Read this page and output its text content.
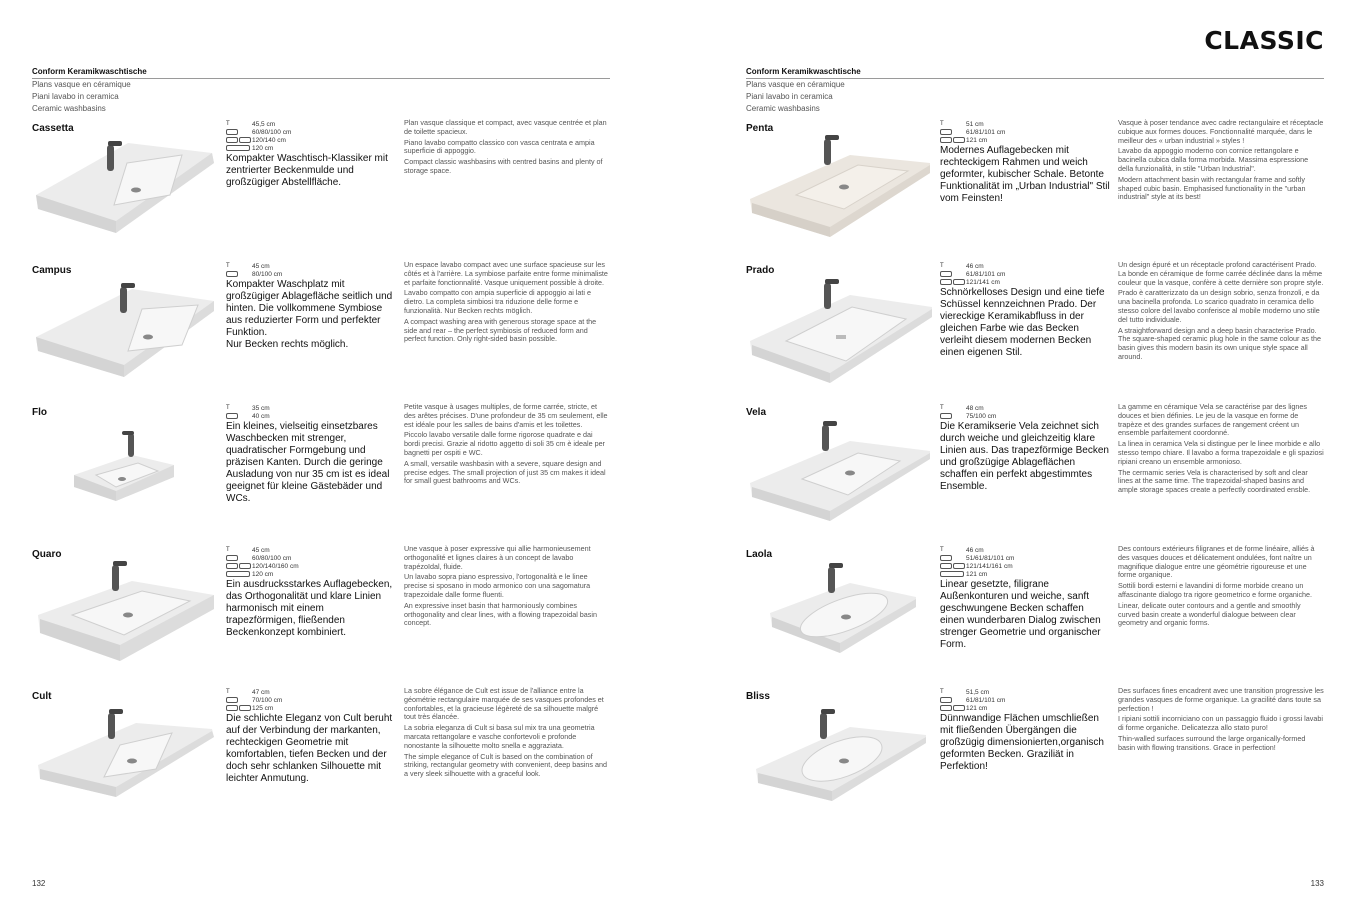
CLASSIC
Conform Keramikwaschtische
Plans vasque en céramique
Piani lavabo in ceramica
Ceramic washbasins
Cassetta	T	45,5 cm
60/80/100 cm
120/140 cm
120 cm
Kompakter Waschtisch-Klassiker mit zentrierter Beckenmulde und großzügiger Abstellfläche.

Plan vasque classique et compact, avec vasque centrée et plan de toilette spacieux.

Piano lavabo compatto classico con vasca centrata e ampia superficie di appoggio.

Compact classic washbasins with centred basins and plenty of storage space.

Campus	T	45 cm
80/100 cm
Kompakter Waschplatz mit großzügiger Ablagefläche seitlich und hinten. Die vollkommene Symbiose aus reduzierter Form und perfekter Funktion.
Nur Becken rechts möglich.

Un espace lavabo compact avec une surface spacieuse sur les côtés et à l'arrière. La symbiose parfaite entre forme minimaliste et parfaite fonctionnalité. Vasque uniquement possible à droite.

Lavabo compatto con ampia superficie di appoggio ai lati e dietro. La completa simbiosi tra riduzione delle forme e funzionalità. Nur Becken rechts möglich.

A compact washing area with generous storage space at the side and rear – the perfect symbiosis of reduced form and perfect function. Only right-sided basin possible.

Flo	T	35 cm
40 cm
Ein kleines, vielseitig einsetzbares Waschbecken mit strenger, quadratischer Formgebung und präzisen Kanten. Durch die geringe Ausladung von nur 35 cm ist es ideal geeignet für kleine Gästebäder und WCs.

Petite vasque à usages multiples, de forme carrée, stricte, et des arêtes précises. D'une profondeur de 35 cm seulement, elle est idéale pour les salles de bains d'amis et les toilettes.

Piccolo lavabo versatile dalle forme rigorose quadrate e dai bordi precisi. Grazie al ridotto aggetto di soli 35 cm è ideale per bagnetti per ospiti e WC.

A small, versatile washbasin with a severe, square design and precise edges. The small projection of just 35 cm makes it ideal for small guest bathrooms and WCs.

Quaro	T	45 cm
60/80/100 cm
120/140/160 cm
120 cm
Ein ausdrucksstarkes Auflagebecken, das Orthogonalität und klare Linien harmonisch mit einem trapezförmigen, fließenden Beckenkonzept kombiniert.

Une vasque à poser expressive qui allie harmonieusement orthogonalité et lignes claires à un concept de lavabo trapézoïdal, fluide.

Un lavabo sopra piano espressivo, l'ortogonalità e le linee precise si sposano in modo armonico con una sagomatura trapezoidale dalle forme fluenti.

An expressive inset basin that harmoniously combines orthogonality and clear lines, with a flowing trapezoidal basin concept.

Cult	T	47 cm
70/100 cm
125 cm
Die schlichte Eleganz von Cult beruht auf der Verbindung der markanten, rechteckigen Geometrie mit komfortablen, tiefen Becken und der doch sehr schlanken Silhouette mit leichter Anmutung.

La sobre élégance de Cult est issue de l'alliance entre la géométrie rectangulaire marquée de ses vasques profondes et confortables, et la gracieuse légèreté de sa silhouette malgré tout très élancée.

La sobria eleganza di Cult si basa sul mix tra una geometria marcata rettangolare e vasche confortevoli e profonde nonostante la silhouette molto snella e aggraziata.

The simple elegance of Cult is based on the combination of striking, rectangular geometry with convenient, deep basins and a very sleek silhouette with a graceful look.

Conform Keramikwaschtische
Plans vasque en céramique
Piani lavabo in ceramica
Ceramic washbasins
Penta	T	51 cm
61/81/101 cm
121 cm
Modernes Auflagebecken mit rechteckigem Rahmen und weich geformter, kubischer Schale. Betonte Funktionalität im „Urban Industrial" Stil vom Feinsten!

Vasque à poser tendance avec cadre rectangulaire et réceptacle cubique aux formes douces. Fonctionnalité marquée, dans le meilleur des « urban industrial » styles !

Lavabo da appoggio moderno con cornice rettangolare e bacinella cubica dalla forma morbida. Massima espressione della funzionalità, in stile "Urban Industrial".

Modern attachment basin with rectangular frame and softly shaped cubic basin. Emphasised functionality in the "urban industrial" style at its best!

Prado	T	46 cm
61/81/101 cm
121/141 cm
Schnörkelloses Design und eine tiefe Schüssel kennzeichnen Prado. Der viereckige Keramikabfluss in der gleichen Farbe wie das Becken verleiht diesem modernen Becken einen eigenen Stil.

Un design épuré et un réceptacle profond caractérisent Prado. La bonde en céramique de forme carrée déclinée dans la même couleur que la vasque, confère à cette dernière son propre style.

Prado è caratterizzato da un design sobrio, senza fronzoli, e da una bacinella profonda. Lo scarico quadrato in ceramica dello stesso colore del lavabo conferisce al mobile moderno uno stile del tutto individuale.

A straightforward design and a deep basin characterise Prado. The square-shaped ceramic plug hole in the same colour as the basin gives this modern basin its own unique style space all around.

Vela	T	48 cm
75/100 cm
Die Keramikserie Vela zeichnet sich durch weiche und gleichzeitig klare Linien aus. Das trapezförmige Becken und großzügige Ablageflächen schaffen ein perfekt abgestimmtes Ensemble.

La gamme en céramique Vela se caractérise par des lignes douces et bien définies. Le jeu de la vasque en forme de trapèze et des grandes surfaces de rangement créent un ensemble parfaitement coordonné.

La linea in ceramica Vela si distingue per le linee morbide e allo stesso tempo chiare. Il lavabo a forma trapezoidale e gli spaziosi ripiani creano un ensemble armonioso.

The cermamic series Vela is characterised by soft and clear lines at the same time. The trapezoidal-shaped basins and ample storage spaces create a perfectly coordinated ensble.

Laola	T	46 cm
51/61/81/101 cm
121/141/161 cm
121 cm
Linear gesetzte, filigrane Außenkonturen und weiche, sanft geschwungene Becken schaffen einen wunderbaren Dialog zwischen strenger Geometrie und organischer Form.

Des contours extérieurs filigranes et de forme linéaire, alliés à des vasques douces et délicatement ondulées, font naître un magnifique dialogue entre une géométrie rigoureuse et une forme organique.

Sottili bordi esterni e lavandini di forme morbide creano un affascinante dialogo tra rigore geometrico e forme organiche.

Linear, delicate outer contours and a gentle and smoothly curved basin create a wonderful dialogue between clear geometry and organic forms.

Bliss	T	51,5 cm
61/81/101 cm
121 cm
Dünnwandige Flächen umschließen mit fließenden Übergängen die großzügig dimensionierten,organisch geformten Becken. Graziliät in Perfektion!

Des surfaces fines encadrent avec une transition progressive les grandes vasques de forme organique. La gracilité dans toute sa perfection !

I ripiani sottili incorniciano con un passaggio fluido i grossi lavabi di forme organiche. Delicatezza allo stato puro!

Thin-walled surfaces surround the large organically-formed basin with flowing transitions. Grace in perfection!

132	133
